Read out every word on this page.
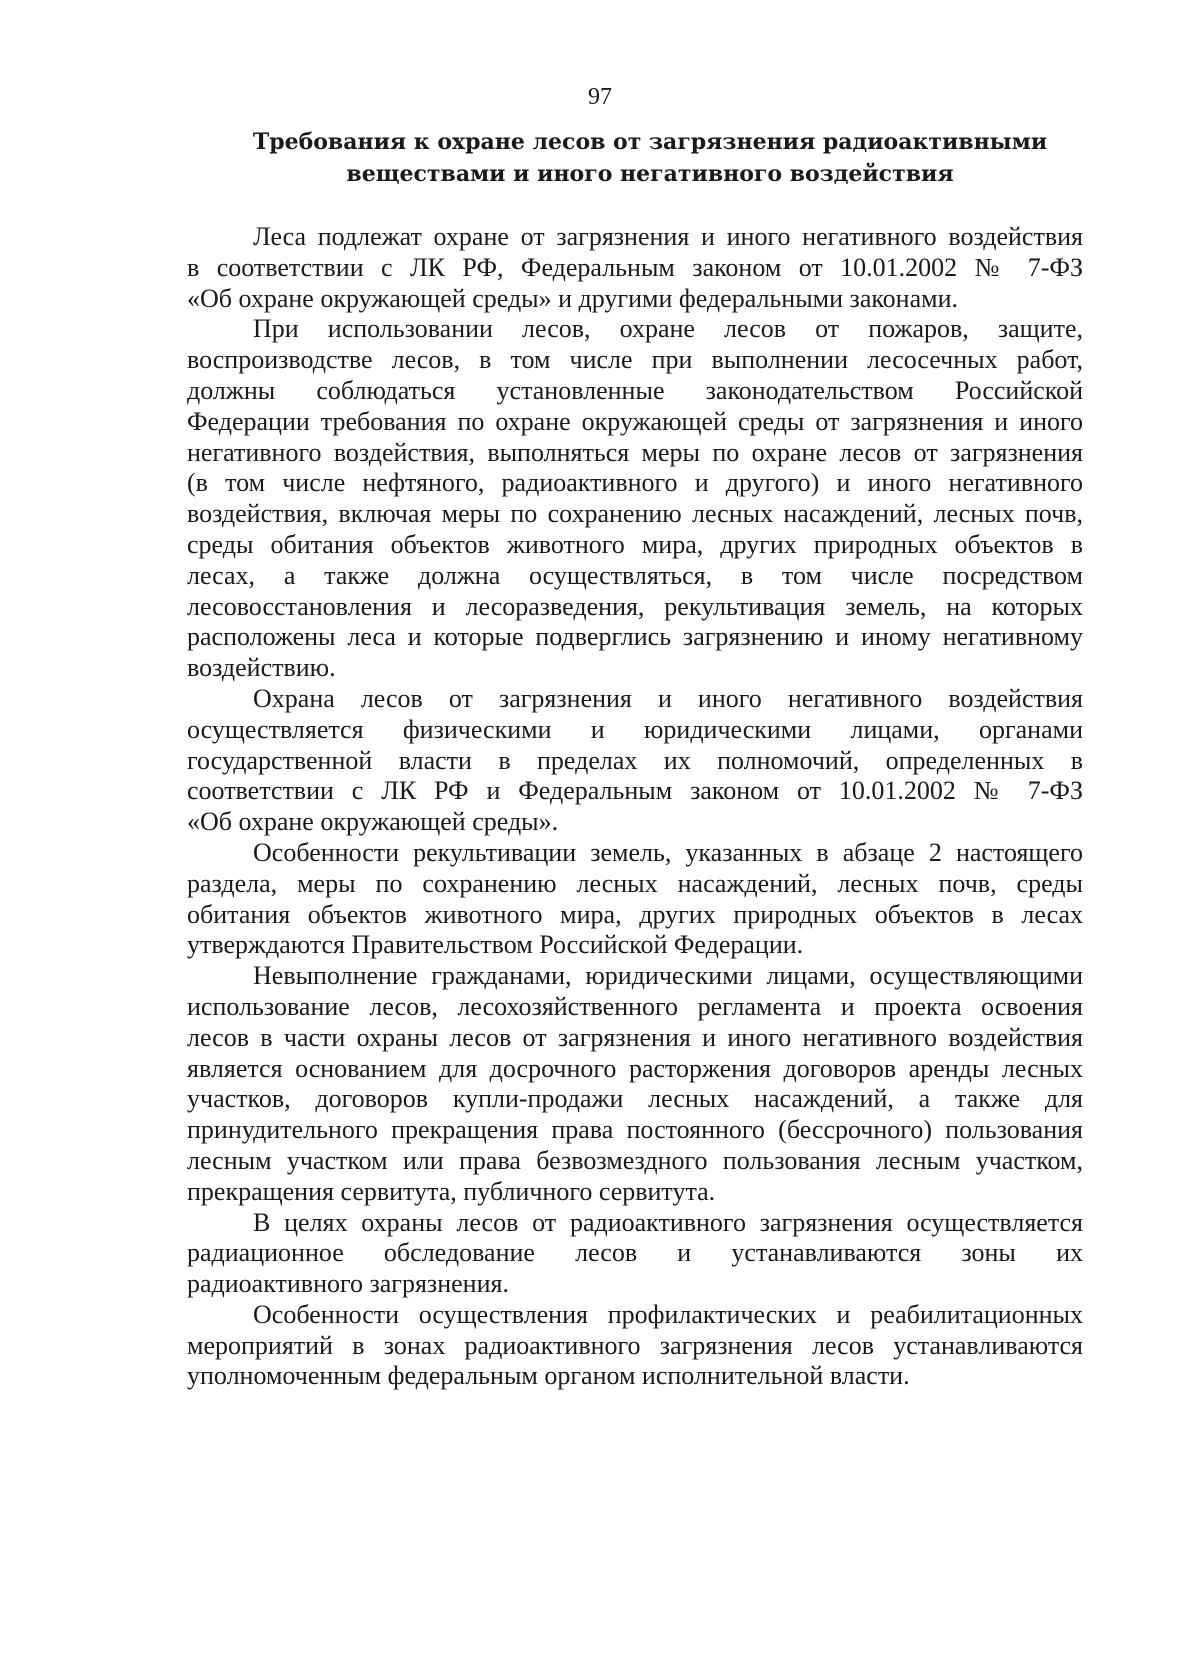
97
Требования к охране лесов от загрязнения радиоактивными
веществами и иного негативного воздействия

Леса подлежат охране от загрязнения и иного негативного воздействия
в соответствии с ЛК РФ, Федеральным законом от 10.01.2002 № 7-ФЗ
«Об охране окружающей среды» и другими федеральными законами.

При использовании лесов, охране лесов от пожаров, защите,
воспроизводстве лесов, в том числе при выполнении лесосечных работ,
должны соблюдаться установленные законодательством Российской
Федерации требования по охране окружающей среды от загрязнения и иного
негативного воздействия, выполняться меры по охране лесов от загрязнения
(в том числе нефтяного, радиоактивного и другого) и иного негативного
воздействия, включая меры по сохранению лесных насаждений, лесных почв,
среды обитания объектов животного мира, других природных объектов в
лесах, а также должна осуществляться, в том числе посредством
лесовосстановления и лесоразведения, рекультивация земель, на которых
расположены леса и которые подверглись загрязнению и иному негативному
воздействию.

Охрана лесов от загрязнения и иного негативного воздействия
осуществляется физическими и юридическими лицами, органами
государственной власти в пределах их полномочий, определенных в
соответствии с ЛК РФ и Федеральным законом от 10.01.2002 № 7-ФЗ
«Об охране окружающей среды».

Особенности рекультивации земель, указанных в абзаце 2 настоящего
раздела, меры по сохранению лесных насаждений, лесных почв, среды
обитания объектов животного мира, других природных объектов в лесах
утверждаются Правительством Российской Федерации.

Невыполнение гражданами, юридическими лицами, осуществляющими
использование лесов, лесохозяйственного регламента и проекта освоения
лесов в части охраны лесов от загрязнения и иного негативного воздействия
является основанием для досрочного расторжения договоров аренды лесных
участков, договоров купли-продажи лесных насаждений, а также для
принудительного прекращения права постоянного (бессрочного) пользования
лесным участком или права безвозмездного пользования лесным участком,
прекращения сервитута, публичного сервитута.

В целях охраны лесов от радиоактивного загрязнения осуществляется
радиационное обследование лесов и устанавливаются зоны их
радиоактивного загрязнения.

Особенности осуществления профилактических и реабилитационных
мероприятий в зонах радиоактивного загрязнения лесов устанавливаются
уполномоченным федеральным органом исполнительной власти.
